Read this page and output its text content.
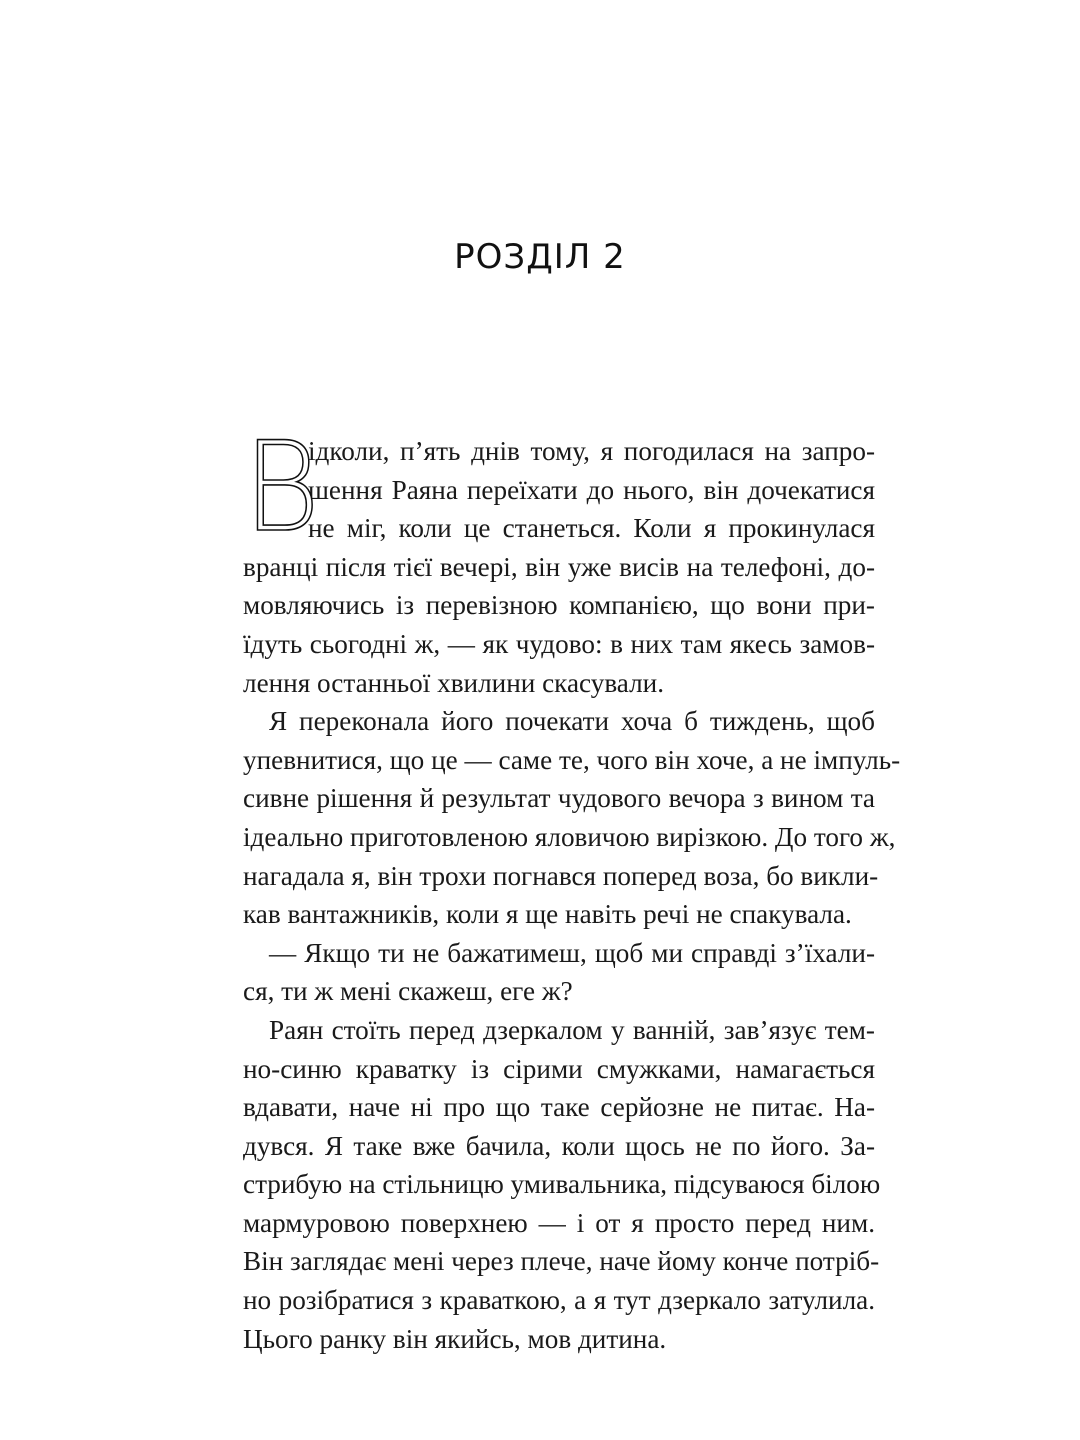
РОЗДІЛ 2
В
ідколи, п’ять днів тому, я погодилася на запро-
шення Раяна переїхати до нього, він дочекатися
не міг, коли це станеться. Коли я прокинулася
вранці після тієї вечері, він уже висів на телефоні, до-
мовляючись із перевізною компанією, що вони при-
їдуть сьогодні ж, — як чудово: в них там якесь замов-
лення останньої хвилини скасували.
Я переконала його почекати хоча б тиждень, щоб
упевнитися, що це — саме те, чого він хоче, а не імпуль-
сивне рішення й результат чудового вечора з вином та
ідеально приготовленою яловичою вирізкою. До того ж,
нагадала я, він трохи погнався поперед воза, бо викли-
кав вантажників, коли я ще навіть речі не спакувала.
— Якщо ти не бажатимеш, щоб ми справді з’їхали-
ся, ти ж мені скажеш, еге ж?
Раян стоїть перед дзеркалом у ванній, зав’язує тем-
но-синю краватку із сірими смужками, намагається
вдавати, наче ні про що таке серйозне не питає. На-
дувся. Я таке вже бачила, коли щось не по його. За-
стрибую на стільницю умивальника, підсуваюся білою
мармуровою поверхнею — і от я просто перед ним.
Він заглядає мені через плече, наче йому конче потріб-
но розібратися з краваткою, а я тут дзеркало затулила.
Цього ранку він якийсь, мов дитина.
